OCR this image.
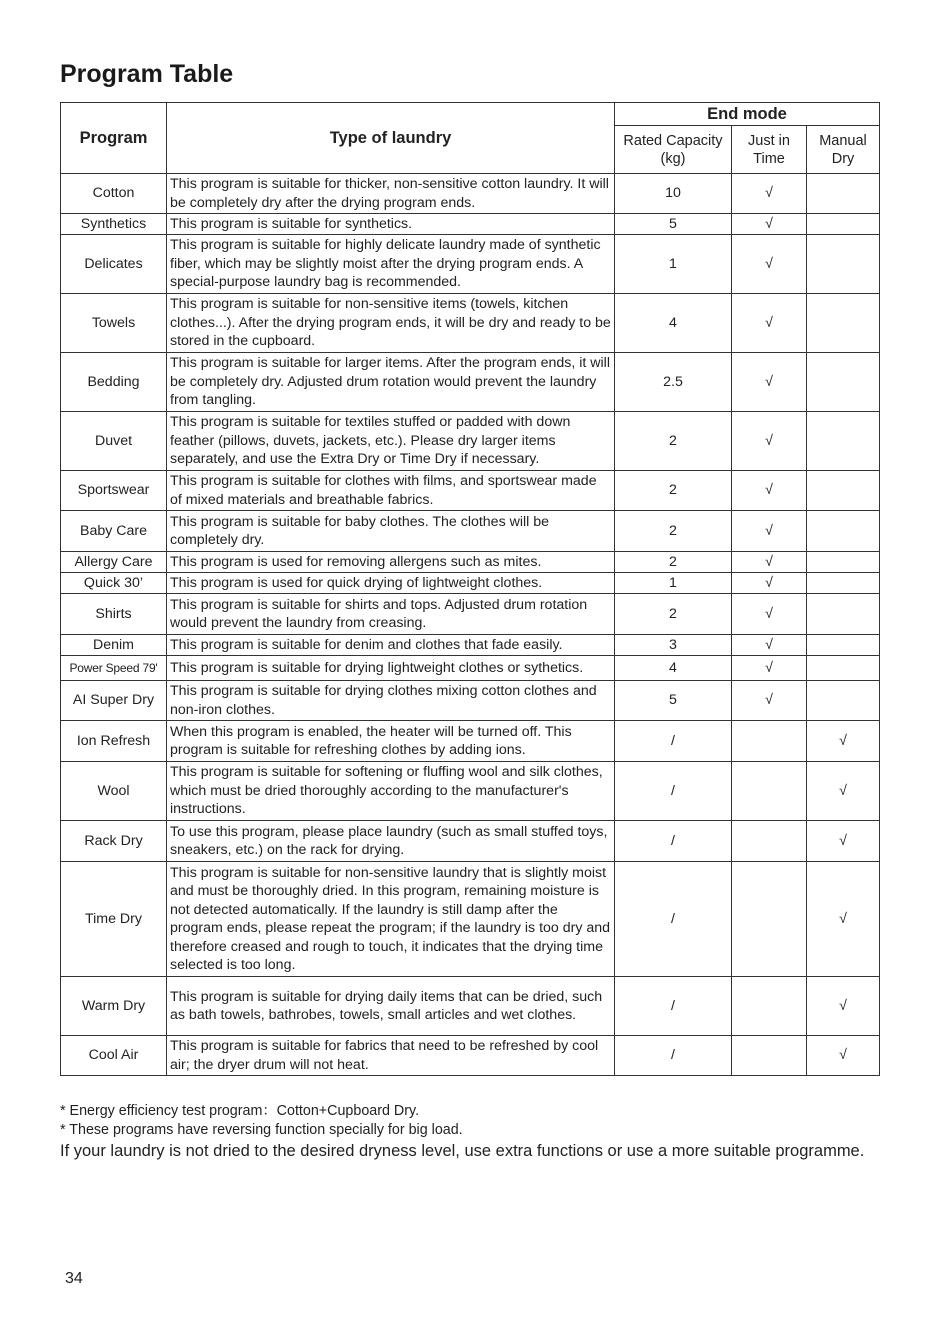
Program Table
Program	Type of laundry	End mode		
		Rated Capacity (kg)	Just in Time	Manual Dry
Cotton	This program is suitable for thicker, non-sensitive cotton laundry. It will be completely dry after the drying program ends.	10	√	
Synthetics	This program is suitable for synthetics.	5	√	
Delicates	This program is suitable for highly delicate laundry made of synthetic fiber, which may be slightly moist after the drying program ends. A special-purpose laundry bag is recommended.	1	√	
Towels	This program is suitable for non-sensitive items (towels, kitchen clothes...). After the drying program ends, it will be dry and ready to be stored in the cupboard.	4	√	
Bedding	This program is suitable for larger items. After the program ends, it will be completely dry. Adjusted drum rotation would prevent the laundry from tangling.	2.5	√	
Duvet	This program is suitable for textiles stuffed or padded with down feather (pillows, duvets, jackets, etc.). Please dry larger items separately, and use the Extra Dry or Time Dry if necessary.	2	√	
Sportswear	This program is suitable for clothes with films, and sportswear made of mixed materials and breathable fabrics.	2	√	
Baby Care	This program is suitable for baby clothes. The clothes will be completely dry.	2	√	
Allergy Care	This program is used for removing allergens such as mites.	2	√	
Quick 30’	This program is used for quick drying of lightweight clothes.	1	√	
Shirts	This program is suitable for shirts and tops. Adjusted drum rotation would prevent the laundry from creasing.	2	√	
Denim	This program is suitable for denim and clothes that fade easily.	3	√	
Power Speed 79'	This program is suitable for drying lightweight clothes or sythetics.	4	√	
AI Super Dry	This program is suitable for drying clothes mixing cotton clothes and non-iron clothes.	5	√	
Ion Refresh	When this program is enabled, the heater will be turned off. This program is suitable for refreshing clothes by adding ions.	/		√
Wool	This program is suitable for softening or fluffing wool and silk clothes, which must be dried thoroughly according to the manufacturer's instructions.	/		√
Rack Dry	To use this program, please place laundry (such as small stuffed toys, sneakers, etc.) on the rack for drying.	/		√
Time Dry	This program is suitable for non-sensitive laundry that is slightly moist and must be thoroughly dried. In this program, remaining moisture is not detected automatically. If the laundry is still damp after the program ends, please repeat the program; if the laundry is too dry and therefore creased and rough to touch, it indicates that the drying time selected is too long.	/		√
Warm Dry	This program is suitable for drying daily items that can be dried, such as bath towels, bathrobes, towels, small articles and wet clothes.	/		√
Cool Air	This program is suitable for fabrics that need to be refreshed by cool air; the dryer drum will not heat.	/		√
* Energy efficiency test program：Cotton+Cupboard Dry.
* These programs have reversing function specially for big load.
If your laundry is not dried to the desired dryness level, use extra functions or use a more suitable programme.
34
